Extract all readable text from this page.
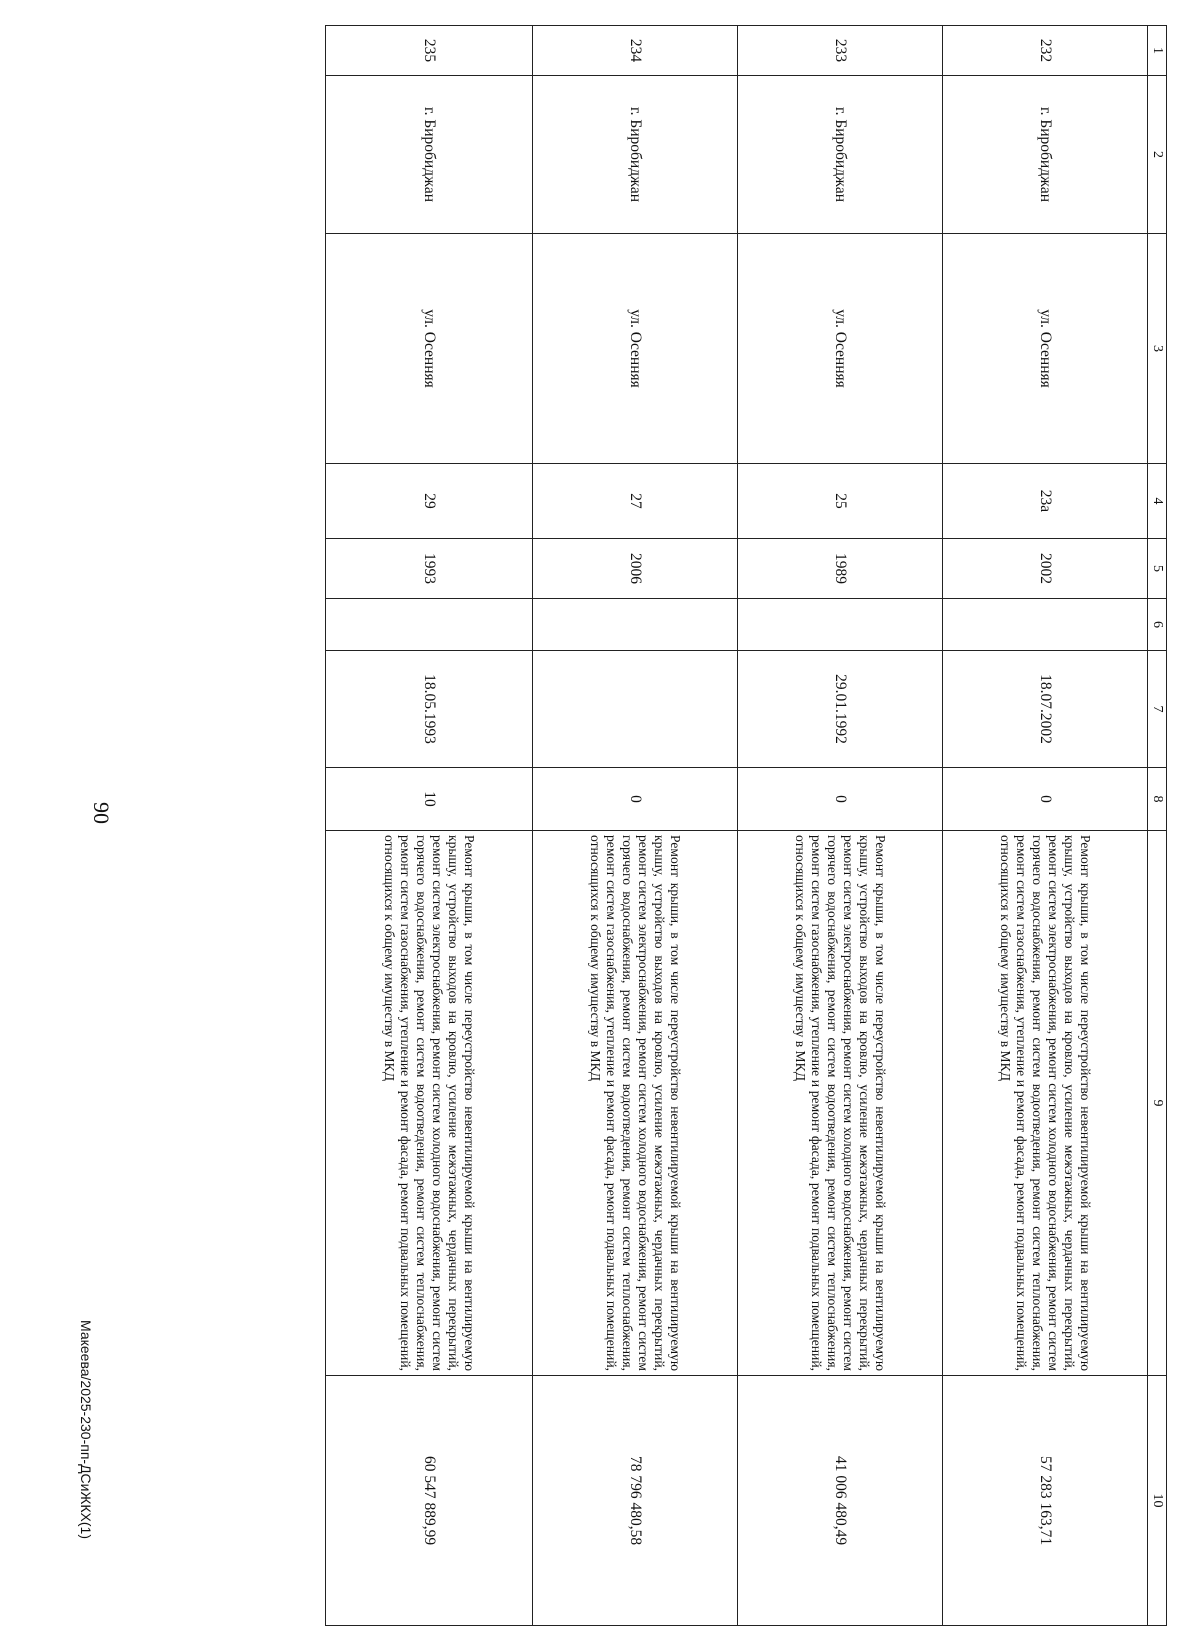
90
1	2	3	4	5	6	7	8	9	10
232	г. Биробиджан	ул. Осенняя	23а	2002		18.07.2002	0	Ремонт крыши, в том числе переустройство невентилируемой крыши на вентилируемую крышу, устройство выходов на кровлю, усиление межэтажных, чердачных перекрытий, ремонт систем электроснабжения, ремонт систем холодного водоснабжения, ремонт систем горячего водоснабжения, ремонт систем водоотведения, ремонт систем теплоснабжения, ремонт систем газоснабжения, утепление и ремонт фасада, ремонт подвальных помещений, относящихся к общему имуществу в МКД	57 283 163,71
233	г. Биробиджан	ул. Осенняя	25	1989		29.01.1992	0	Ремонт крыши, в том числе переустройство невентилируемой крыши на вентилируемую крышу, устройство выходов на кровлю, усиление межэтажных, чердачных перекрытий, ремонт систем электроснабжения, ремонт систем холодного водоснабжения, ремонт систем горячего водоснабжения, ремонт систем водоотведения, ремонт систем теплоснабжения, ремонт систем газоснабжения, утепление и ремонт фасада, ремонт подвальных помещений, относящихся к общему имуществу в МКД	41 006 480,49
234	г. Биробиджан	ул. Осенняя	27	2006			0	Ремонт крыши, в том числе переустройство невентилируемой крыши на вентилируемую крышу, устройство выходов на кровлю, усиление межэтажных, чердачных перекрытий, ремонт систем электроснабжения, ремонт систем холодного водоснабжения, ремонт систем горячего водоснабжения, ремонт систем водоотведения, ремонт систем теплоснабжения, ремонт систем газоснабжения, утепление и ремонт фасада, ремонт подвальных помещений, относящихся к общему имуществу в МКД	78 796 480,58
235	г. Биробиджан	ул. Осенняя	29	1993		18.05.1993	10	Ремонт крыши, в том числе переустройство невентилируемой крыши на вентилируемую крышу, устройство выходов на кровлю, усиление межэтажных, чердачных перекрытий, ремонт систем электроснабжения, ремонт систем холодного водоснабжения, ремонт систем горячего водоснабжения, ремонт систем водоотведения, ремонт систем теплоснабжения, ремонт систем газоснабжения, утепление и ремонт фасада, ремонт подвальных помещений, относящихся к общему имуществу в МКД	60 547 889,99
Макеева/2025-230-пп-ДСиЖКХ(1)
